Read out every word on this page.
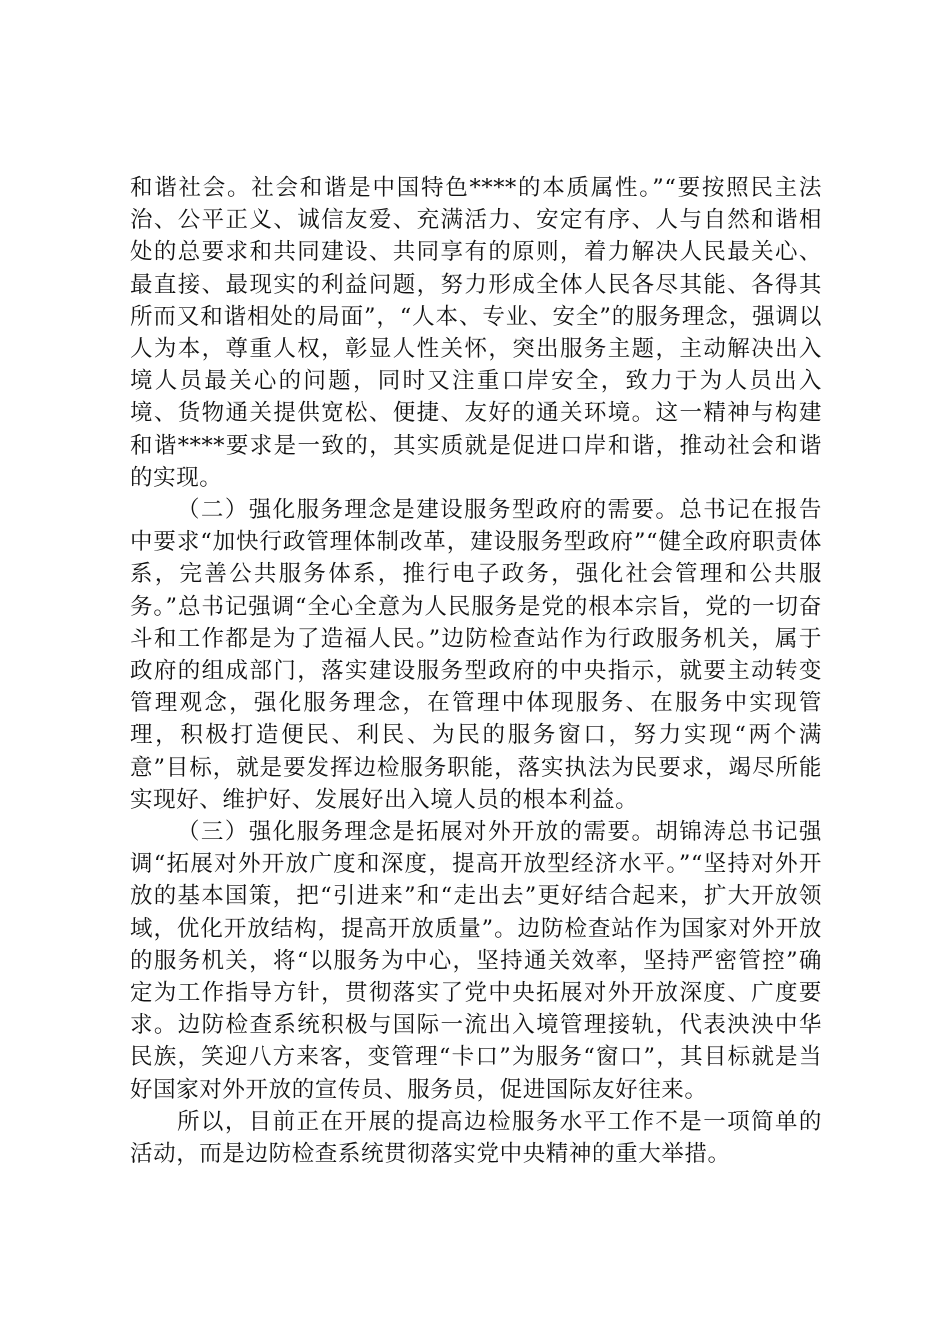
和谐社会。社会和谐是中国特色****的本质属性。”“要按照民主法治、公平正义、诚信友爱、充满活力、安定有序、人与自然和谐相处的总要求和共同建设、共同享有的原则，着力解决人民最关心、最直接、最现实的利益问题，努力形成全体人民各尽其能、各得其所而又和谐相处的局面”，“人本、专业、安全”的服务理念，强调以人为本，尊重人权，彰显人性关怀，突出服务主题，主动解决出入境人员最关心的问题，同时又注重口岸安全，致力于为人员出入境、货物通关提供宽松、便捷、友好的通关环境。这一精神与构建和谐****要求是一致的，其实质就是促进口岸和谐，推动社会和谐的实现。

（二）强化服务理念是建设服务型政府的需要。总书记在报告中要求“加快行政管理体制改革，建设服务型政府”“健全政府职责体系，完善公共服务体系，推行电子政务，强化社会管理和公共服务。”总书记强调“全心全意为人民服务是党的根本宗旨，党的一切奋斗和工作都是为了造福人民。”边防检查站作为行政服务机关，属于政府的组成部门，落实建设服务型政府的中央指示，就要主动转变管理观念，强化服务理念，在管理中体现服务、在服务中实现管理，积极打造便民、利民、为民的服务窗口，努力实现“两个满意”目标，就是要发挥边检服务职能，落实执法为民要求，竭尽所能实现好、维护好、发展好出入境人员的根本利益。

（三）强化服务理念是拓展对外开放的需要。胡锦涛总书记强调“拓展对外开放广度和深度，提高开放型经济水平。”“坚持对外开放的基本国策，把“引进来”和“走出去”更好结合起来，扩大开放领域，优化开放结构，提高开放质量”。边防检查站作为国家对外开放的服务机关，将“以服务为中心，坚持通关效率，坚持严密管控”确定为工作指导方针，贯彻落实了党中央拓展对外开放深度、广度要求。边防检查系统积极与国际一流出入境管理接轨，代表泱泱中华民族，笑迎八方来客，变管理“卡口”为服务“窗口”，其目标就是当好国家对外开放的宣传员、服务员，促进国际友好往来。

所以，目前正在开展的提高边检服务水平工作不是一项简单的活动，而是边防检查系统贯彻落实党中央精神的重大举措。
